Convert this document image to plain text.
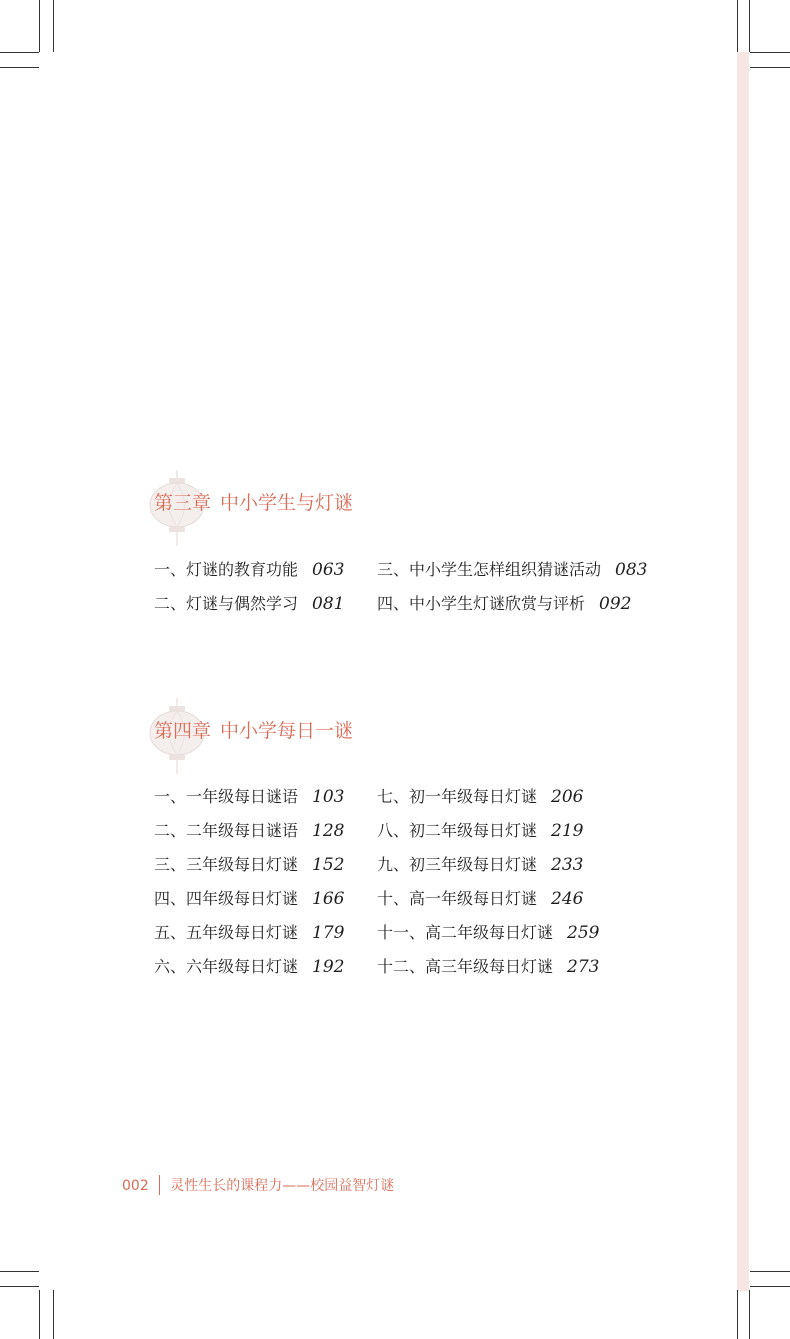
第三章 中小学生与灯谜
一、灯谜的教育功能 063
二、灯谜与偶然学习 081
三、中小学生怎样组织猜谜活动 083
四、中小学生灯谜欣赏与评析 092
第四章 中小学每日一谜
一、一年级每日谜语 103
二、二年级每日谜语 128
三、三年级每日灯谜 152
四、四年级每日灯谜 166
五、五年级每日灯谜 179
六、六年级每日灯谜 192
七、初一年级每日灯谜 206
八、初二年级每日灯谜 219
九、初三年级每日灯谜 233
十、高一年级每日灯谜 246
十一、高二年级每日灯谜 259
十二、高三年级每日灯谜 273
002 灵性生长的课程力——校园益智灯谜
